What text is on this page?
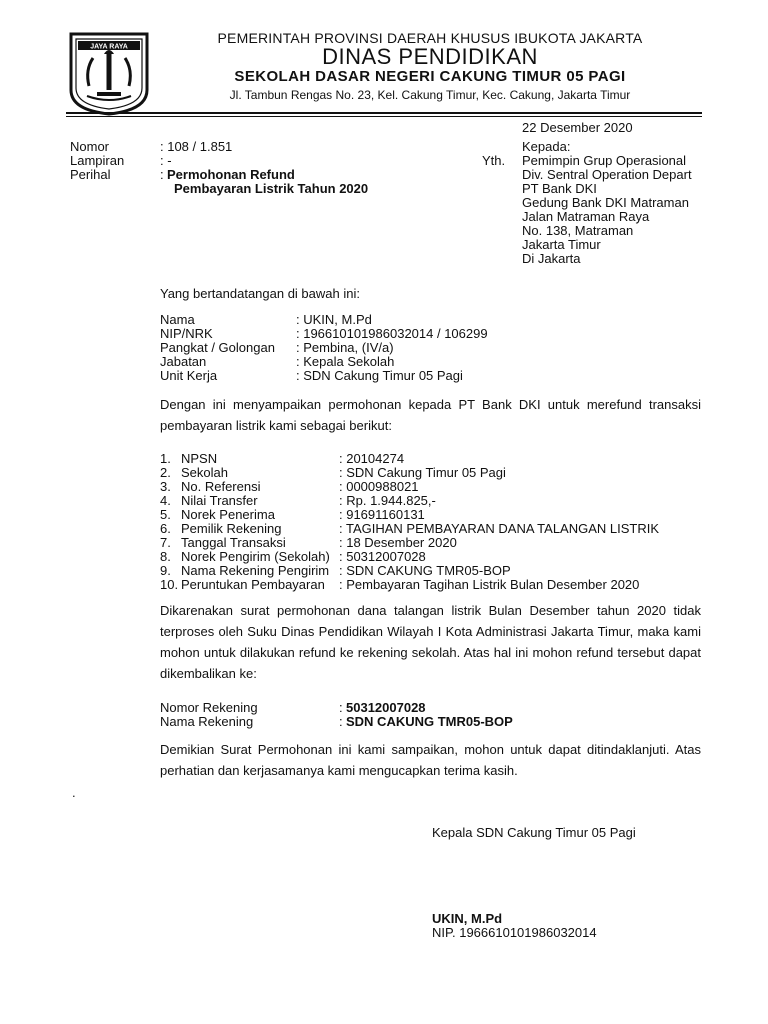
JAYA RAYA
PEMERINTAH PROVINSI DAERAH KHUSUS IBUKOTA JAKARTA
DINAS PENDIDIKAN
SEKOLAH DASAR NEGERI CAKUNG TIMUR 05 PAGI
Jl. Tambun Rengas No. 23, Kel. Cakung Timur, Kec. Cakung, Jakarta Timur
22 Desember 2020
Nomor	: 108 / 1.851
Lampiran	: -
Perihal	: Permohonan Refund
Pembayaran Listrik Tahun 2020
Yth.
Kepada:
Pemimpin Grup Operasional
Div. Sentral Operation Depart
PT Bank DKI
Gedung Bank DKI Matraman
Jalan Matraman Raya
No. 138, Matraman
Jakarta Timur
Di Jakarta
Yang bertandatangan di bawah ini:
Nama	: UKIN, M.Pd
NIP/NRK	: 196610101986032014 / 106299
Pangkat / Golongan : Pembina, (IV/a)
Jabatan	: Kepala Sekolah
Unit Kerja	: SDN Cakung Timur 05 Pagi

Dengan ini menyampaikan permohonan kepada PT Bank DKI untuk merefund transaksi pembayaran listrik kami sebagai berikut:

1. NPSN	: 20104274
2. Sekolah	: SDN Cakung Timur 05 Pagi
3. No. Referensi	: 0000988021
4. Nilai Transfer	: Rp. 1.944.825,-
5. Norek Penerima	: 91691160131
6. Pemilik Rekening	: TAGIHAN PEMBAYARAN DANA TALANGAN LISTRIK
7. Tanggal Transaksi	: 18 Desember 2020
8. Norek Pengirim (Sekolah) : 50312007028
9. Nama Rekening Pengirim : SDN CAKUNG TMR05-BOP
10. Peruntukan Pembayaran : Pembayaran Tagihan Listrik Bulan Desember 2020

Dikarenakan surat permohonan dana talangan listrik Bulan Desember tahun 2020 tidak terproses oleh Suku Dinas Pendidikan Wilayah I Kota Administrasi Jakarta Timur, maka kami mohon untuk dilakukan refund ke rekening sekolah. Atas hal ini mohon refund tersebut dapat dikembalikan ke:

Nomor Rekening	: 50312007028
Nama Rekening	: SDN CAKUNG TMR05-BOP

Demikian Surat Permohonan ini kami sampaikan, mohon untuk dapat ditindaklanjuti. Atas perhatian dan kerjasamanya kami mengucapkan terima kasih.

.
Kepala SDN Cakung Timur 05 Pagi
UKIN, M.Pd
NIP. 196661010198603​2014
